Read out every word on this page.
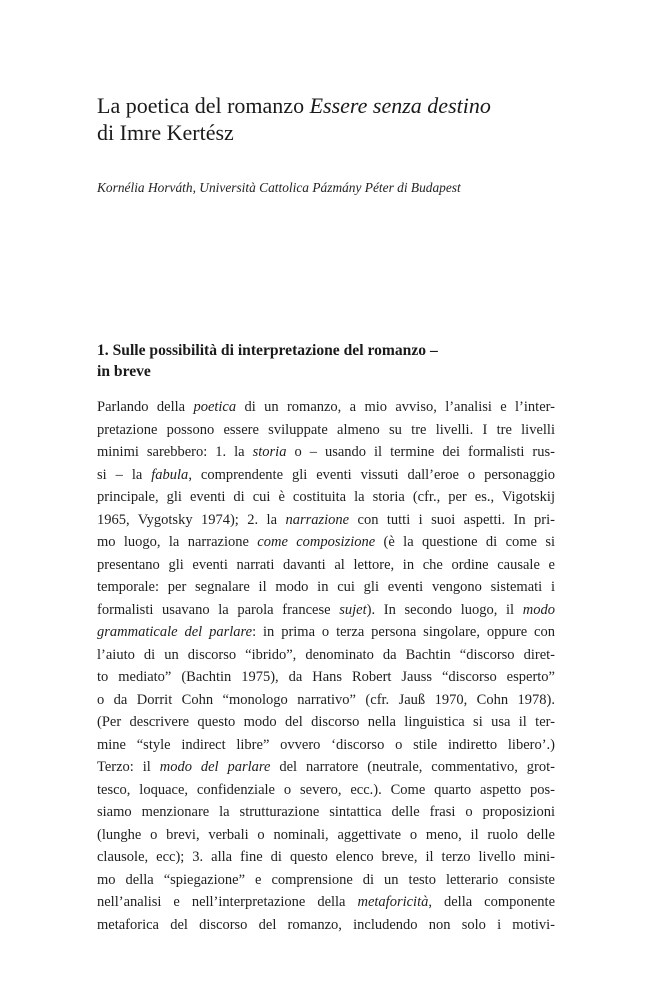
La poetica del romanzo Essere senza destino
di Imre Kertész

Kornélia Horváth, Università Cattolica Pázmány Péter di Budapest

1. Sulle possibilità di interpretazione del romanzo –
in breve
Parlando della poetica di un romanzo, a mio avviso, l’analisi e l’inter-
pretazione possono essere sviluppate almeno su tre livelli. I tre livelli
minimi sarebbero: 1. la storia o – usando il termine dei formalisti rus-
si – la fabula, comprendente gli eventi vissuti dall’eroe o personaggio
principale, gli eventi di cui è costituita la storia (cfr., per es., Vigotskij
1965, Vygotsky 1974); 2. la narrazione con tutti i suoi aspetti. In pri-
mo luogo, la narrazione come composizione (è la questione di come si
presentano gli eventi narrati davanti al lettore, in che ordine causale e
temporale: per segnalare il modo in cui gli eventi vengono sistemati i
formalisti usavano la parola francese sujet). In secondo luogo, il modo
grammaticale del parlare: in prima o terza persona singolare, oppure con
l’aiuto di un discorso “ibrido”, denominato da Bachtin “discorso diret-
to mediato” (Bachtin 1975), da Hans Robert Jauss “discorso esperto”
o da Dorrit Cohn “monologo narrativo” (cfr. Jauß 1970, Cohn 1978).
(Per descrivere questo modo del discorso nella linguistica si usa il ter-
mine “style indirect libre” ovvero ‘discorso o stile indiretto libero’.)
Terzo: il modo del parlare del narratore (neutrale, commentativo, grot-
tesco, loquace, confidenziale o severo, ecc.). Come quarto aspetto pos-
siamo menzionare la strutturazione sintattica delle frasi o proposizioni
(lunghe o brevi, verbali o nominali, aggettivate o meno, il ruolo delle
clausole, ecc); 3. alla fine di questo elenco breve, il terzo livello mini-
mo della “spiegazione” e comprensione di un testo letterario consiste
nell’analisi e nell’interpretazione della metaforicità, della componente
metaforica del discorso del romanzo, includendo non solo i motivi-
